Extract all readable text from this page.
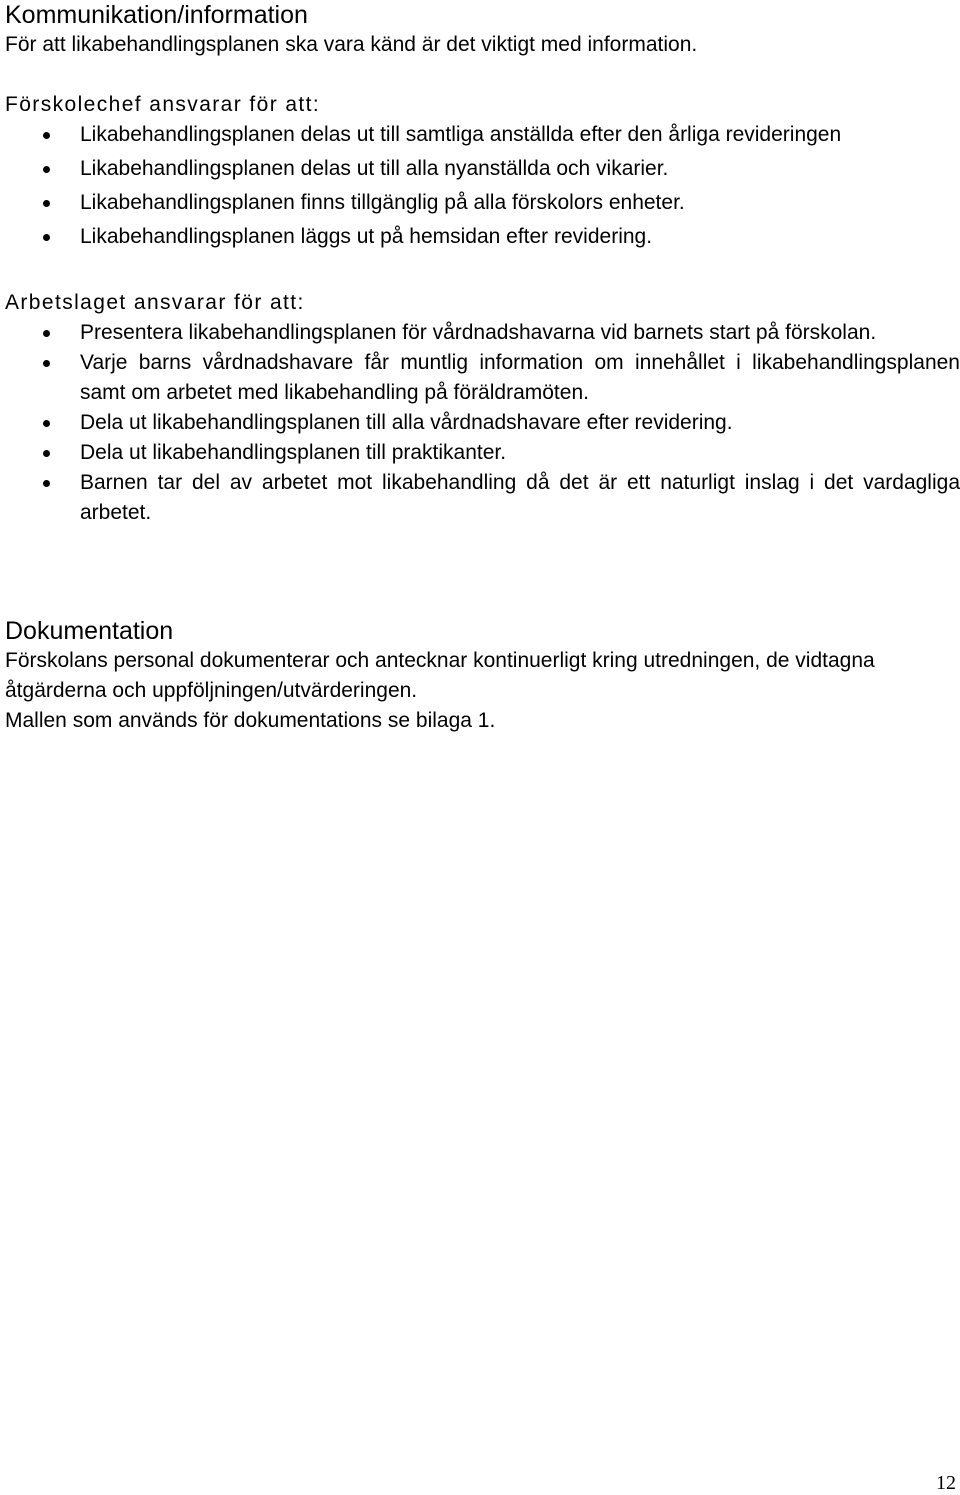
Kommunikation/information

För att likabehandlingsplanen ska vara känd är det viktigt med information.

Förskolechef ansvarar för att:

Likabehandlingsplanen delas ut till samtliga anställda efter den årliga revideringen
Likabehandlingsplanen delas ut till alla nyanställda och vikarier.
Likabehandlingsplanen finns tillgänglig på alla förskolors enheter.
Likabehandlingsplanen läggs ut på hemsidan efter revidering.

Arbetslaget ansvarar för att:

Presentera likabehandlingsplanen för vårdnadshavarna vid barnets start på förskolan.
Varje barns vårdnadshavare får muntlig information om innehållet i likabehandlingsplanen samt om arbetet med likabehandling på föräldramöten.
Dela ut likabehandlingsplanen till alla vårdnadshavare efter revidering.
Dela ut likabehandlingsplanen till praktikanter.
Barnen tar del av arbetet mot likabehandling då det är ett naturligt inslag i det vardagliga arbetet.
Dokumentation

Förskolans personal dokumenterar och antecknar kontinuerligt kring utredningen, de vidtagna åtgärderna och uppföljningen/utvärderingen.

Mallen som används för dokumentations se bilaga 1.

12
